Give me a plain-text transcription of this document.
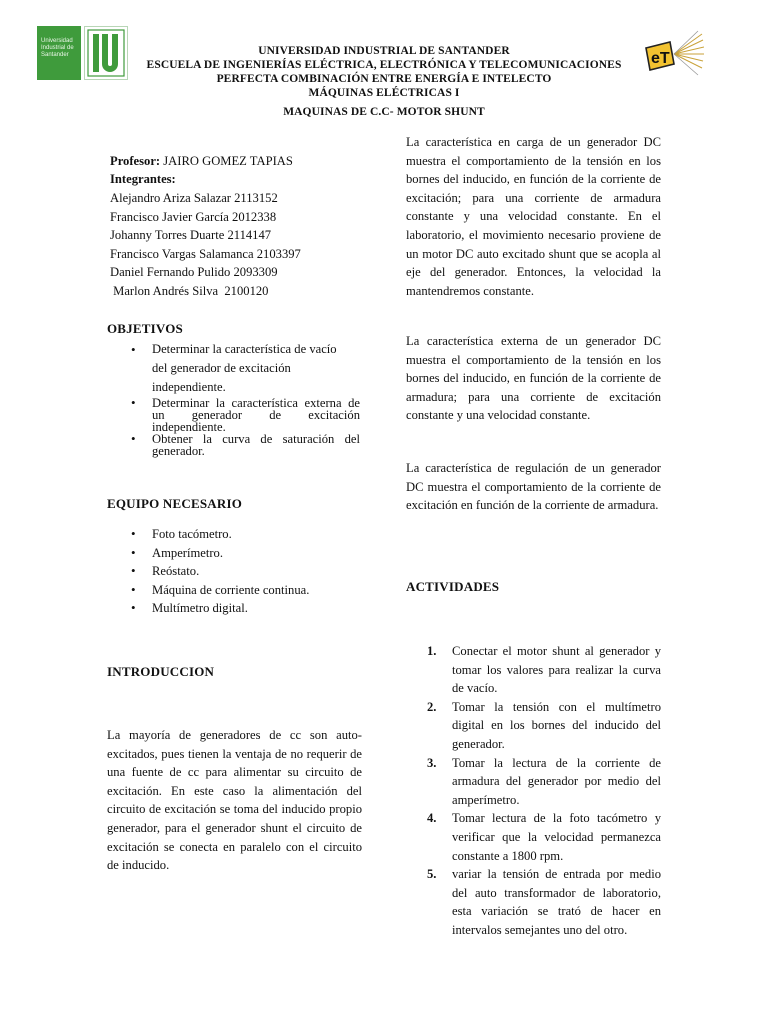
Universidad Industrial de Santander	eT
UNIVERSIDAD INDUSTRIAL DE SANTANDER
ESCUELA DE INGENIERÍAS ELÉCTRICA, ELECTRÓNICA Y TELECOMUNICACIONES
PERFECTA COMBINACIÓN ENTRE ENERGÍA E INTELECTO
MÁQUINAS ELÉCTRICAS I
MAQUINAS DE C.C- MOTOR SHUNT
Profesor: JAIRO GOMEZ TAPIAS
Integrantes:
Alejandro Ariza Salazar 2113152
Francisco Javier García 2012338
Johanny Torres Duarte 2114147
Francisco Vargas Salamanca 2103397
Daniel Fernando Pulido 2093309
Marlon Andrés Silva  2100120
OBJETIVOS
• Determinar la característica de vacío del generador de excitación independiente.
• Determinar la característica externa de un generador de excitación independiente.
• Obtener la curva de saturación del generador.
EQUIPO NECESARIO
• Foto tacómetro.
• Amperímetro.
• Reóstato.
• Máquina de corriente continua.
• Multímetro digital.
INTRODUCCION
La mayoría de generadores de cc son auto-excitados, pues tienen la ventaja de no requerir de una fuente de cc para alimentar su circuito de excitación. En este caso la alimentación del circuito de excitación se toma del inducido propio generador, para el generador shunt el circuito de excitación se conecta en paralelo con el circuito de inducido.
La característica en carga de un generador DC muestra el comportamiento de la tensión en los bornes del inducido, en función de la corriente de excitación; para una corriente de armadura constante y una velocidad constante. En el laboratorio, el movimiento necesario proviene de un motor DC auto excitado shunt que se acopla al eje del generador. Entonces, la velocidad la mantendremos constante.
La característica externa de un generador DC muestra el comportamiento de la tensión en los bornes del inducido, en función de la corriente de armadura; para una corriente de excitación constante y una velocidad constante.
La característica de regulación de un generador DC muestra el comportamiento de la corriente de excitación en función de la corriente de armadura.
ACTIVIDADES
1. Conectar el motor shunt al generador y tomar los valores para realizar la curva de vacío.
2. Tomar la tensión con el multímetro digital en los bornes del inducido del generador.
3. Tomar la lectura de la corriente de armadura del generador por medio del amperímetro.
4. Tomar lectura de la foto tacómetro y verificar que la velocidad permanezca constante a 1800 rpm.
5. variar la tensión de entrada por medio del auto transformador de laboratorio, esta variación se trató de hacer en intervalos semejantes uno del otro.
